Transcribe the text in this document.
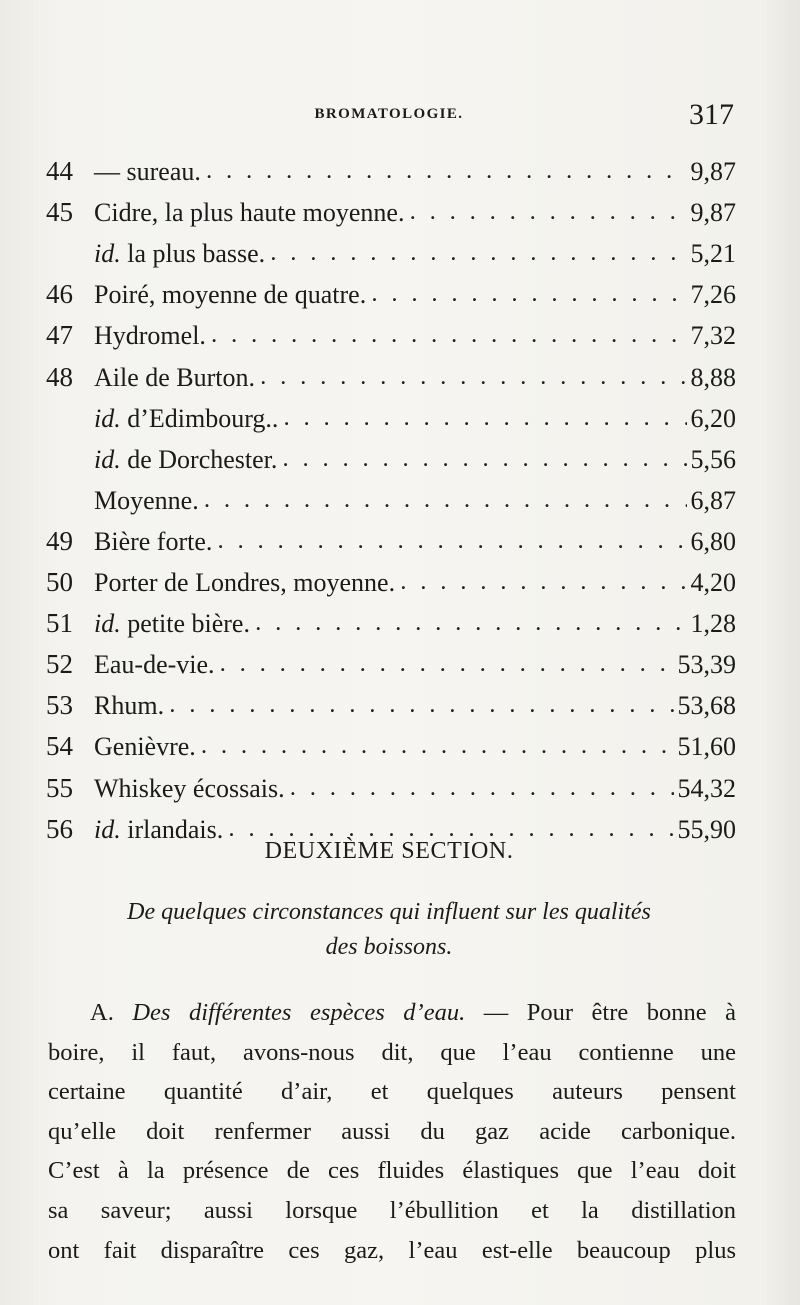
BROMATOLOGIE.	317
44 — sureau. . . .	9,87
45 Cidre, la plus haute moyenne. . . .	9,87
id. la plus basse. . . .	5,21
46 Poiré, moyenne de quatre. . . .	7,26
47 Hydromel. . . .	7,32
48 Aile de Burton. . . .	8,88
id. d’Edimbourg.. . . .	6,20
id. de Dorchester. . . .	5,56
Moyenne. . . .	6,87
49 Bière forte. . . .	6,80
50 Porter de Londres, moyenne. . . .	4,20
51 id. petite bière. . . .	1,28
52 Eau-de-vie. . . .	53,39
53 Rhum. . . .	53,68
54 Genièvre. . . .	51,60
55 Whiskey écossais. . . .	54,32
56 id. irlandais. . . .	55,90
DEUXIÈME SECTION.
De quelques circonstances qui influent sur les qualités
des boissons.
A. Des différentes espèces d’eau. — Pour être bonne à
boire, il faut, avons-nous dit, que l’eau contienne une
certaine quantité d’air, et quelques auteurs pensent
qu’elle doit renfermer aussi du gaz acide carbonique.
C’est à la présence de ces fluides élastiques que l’eau doit
sa saveur; aussi lorsque l’ébullition et la distillation
ont fait disparaître ces gaz, l’eau est-elle beaucoup plus
